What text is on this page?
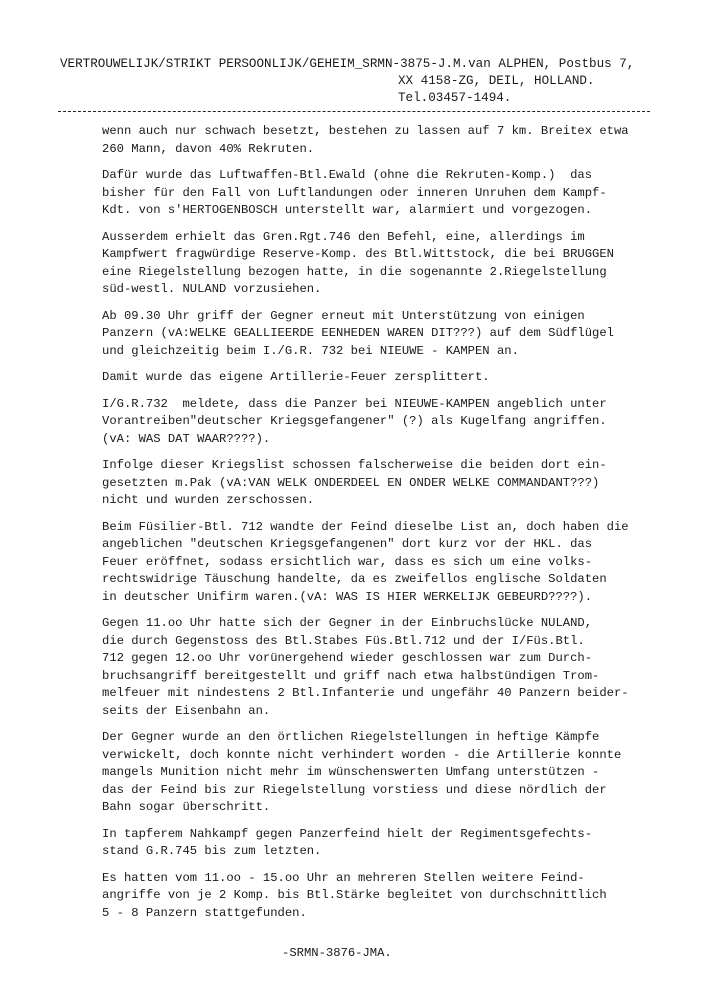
VERTROUWELIJK/STRIKT PERSOONLIJK/GEHEIM_SRMN-3875-J.M.van ALPHEN, Postbus 7,
XX 4158-ZG, DEIL, HOLLAND.
Tel.03457-1494.
wenn auch nur schwach besetzt, bestehen zu lassen auf 7 km. Breitex etwa
260 Mann, davon 40% Rekruten.
Dafür wurde das Luftwaffen-Btl.Ewald (ohne die Rekruten-Komp.)  das
bisher für den Fall von Luftlandungen oder inneren Unruhen dem Kampf-
Kdt. von s'HERTOGENBOSCH unterstellt war, alarmiert und vorgezogen.
Ausserdem erhielt das Gren.Rgt.746 den Befehl, eine, allerdings im
Kampfwert fragwürdige Reserve-Komp. des Btl.Wittstock, die bei BRUGGEN
eine Riegelstellung bezogen hatte, in die sogenannte 2.Riegelstellung
süd-westl. NULAND vorzusiehen.
Ab 09.30 Uhr griff der Gegner erneut mit Unterstützung von einigen
Panzern (vA:WELKE GEALLIEERDE EENHEDEN WAREN DIT???) auf dem Südflügel
und gleichzeitig beim I./G.R. 732 bei NIEUWE - KAMPEN an.
Damit wurde das eigene Artillerie-Feuer zersplittert.
I/G.R.732  meldete, dass die Panzer bei NIEUWE-KAMPEN angeblich unter
Vorantreiben"deutscher Kriegsgefangener" (?) als Kugelfang angriffen.
(vA: WAS DAT WAAR????).
Infolge dieser Kriegslist schossen falscherweise die beiden dort ein-
gesetzten m.Pak (vA:VAN WELK ONDERDEEL EN ONDER WELKE COMMANDANT???)
nicht und wurden zerschossen.
Beim Füsilier-Btl. 712 wandte der Feind dieselbe List an, doch haben die
angeblichen "deutschen Kriegsgefangenen" dort kurz vor der HKL. das
Feuer eröffnet, sodass ersichtlich war, dass es sich um eine volks-
rechtswidrige Täuschung handelte, da es zweifellos englische Soldaten
in deutscher Unifirm waren.(vA: WAS IS HIER WERKELIJK GEBEURD????).
Gegen 11.oo Uhr hatte sich der Gegner in der Einbruchslücke NULAND,
die durch Gegenstoss des Btl.Stabes Füs.Btl.712 und der I/Füs.Btl.
712 gegen 12.oo Uhr vorünergehend wieder geschlossen war zum Durch-
bruchsangriff bereitgestellt und griff nach etwa halbstündigen Trom-
melfeuer mit nindestens 2 Btl.Infanterie und ungefähr 40 Panzern beider-
seits der Eisenbahn an.
Der Gegner wurde an den örtlichen Riegelstellungen in heftige Kämpfe
verwickelt, doch konnte nicht verhindert worden - die Artillerie konnte
mangels Munition nicht mehr im wünschenswerten Umfang unterstützen -
das der Feind bis zur Riegelstellung vorstiess und diese nördlich der
Bahn sogar überschritt.
In tapferem Nahkampf gegen Panzerfeind hielt der Regimentsgefechts-
stand G.R.745 bis zum letzten.
Es hatten vom 11.oo - 15.oo Uhr an mehreren Stellen weitere Feind-
angriffe von je 2 Komp. bis Btl.Stärke begleitet von durchschnittlich
5 - 8 Panzern stattgefunden.
-SRMN-3876-JMA.
